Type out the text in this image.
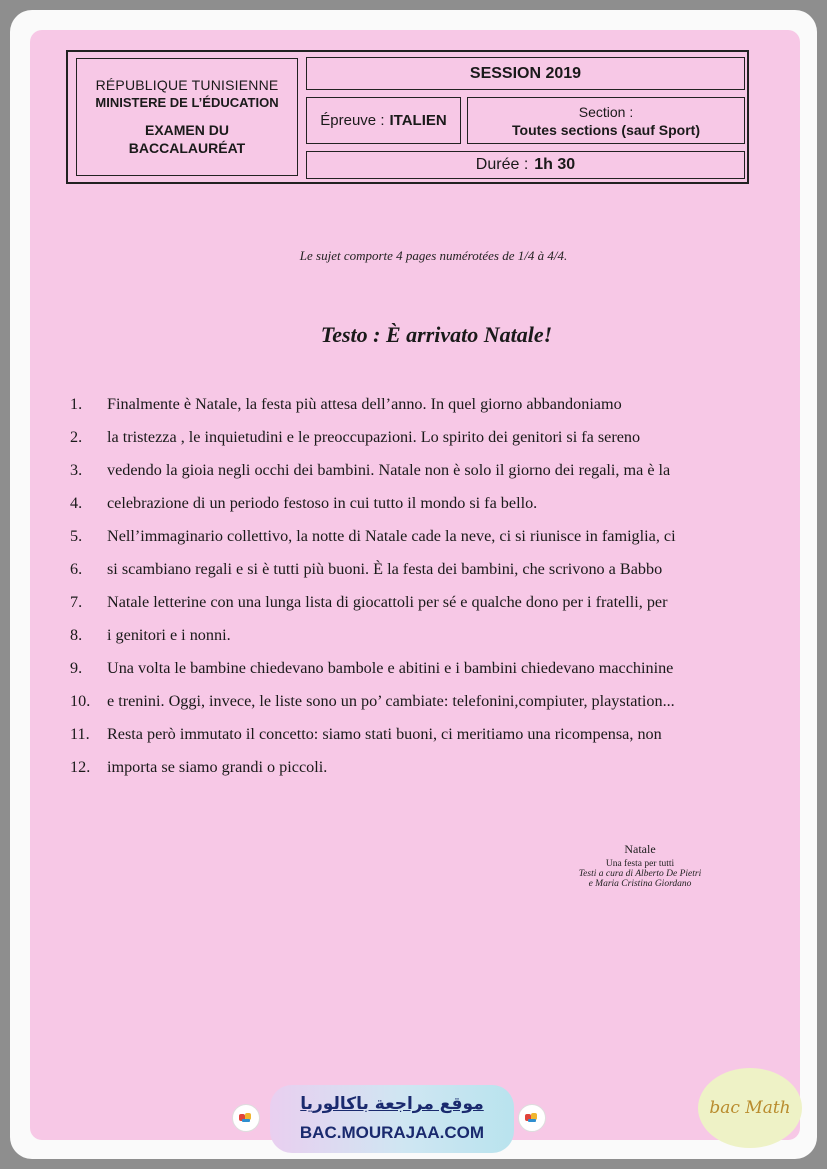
RÉPUBLIQUE TUNISIENNE
MINISTERE DE L’ÉDUCATION
EXAMEN DU
BACCALAURÉAT
SESSION 2019
Épreuve : ITALIEN
Section :
Toutes sections (sauf Sport)
Durée : 1h 30
Le sujet comporte 4 pages numérotées de 1/4 à 4/4.
Testo : È arrivato Natale!
1. Finalmente è Natale, la festa più attesa dell’anno. In quel giorno abbandoniamo
2. la tristezza , le inquietudini e le preoccupazioni. Lo spirito dei genitori si fa sereno
3. vedendo la gioia negli occhi dei bambini. Natale non è solo il giorno dei regali, ma è la
4. celebrazione di un periodo festoso in cui tutto il mondo si fa bello.
5. Nell’immaginario collettivo, la notte di Natale cade la neve, ci si riunisce in famiglia, ci
6. si scambiano regali e si è tutti più buoni. È la festa dei bambini, che scrivono a Babbo
7. Natale letterine con una lunga lista di giocattoli per sé e qualche dono per i fratelli, per
8. i genitori e i nonni.
9. Una volta le bambine chiedevano bambole e abitini e i bambini chiedevano macchinine
10. e trenini. Oggi, invece, le liste sono un po’ cambiate: telefonini,compiuter, playstation...
11. Resta però immutato il concetto: siamo stati buoni, ci meritiamo una ricompensa, non
12. importa se siamo grandi o piccoli.
Natale
Una festa per tutti
Testi a cura di Alberto De Pietri
e Maria Cristina Giordano
موقع مراجعة باكالوريا
BAC.MOURAJAA.COM
bac Math
